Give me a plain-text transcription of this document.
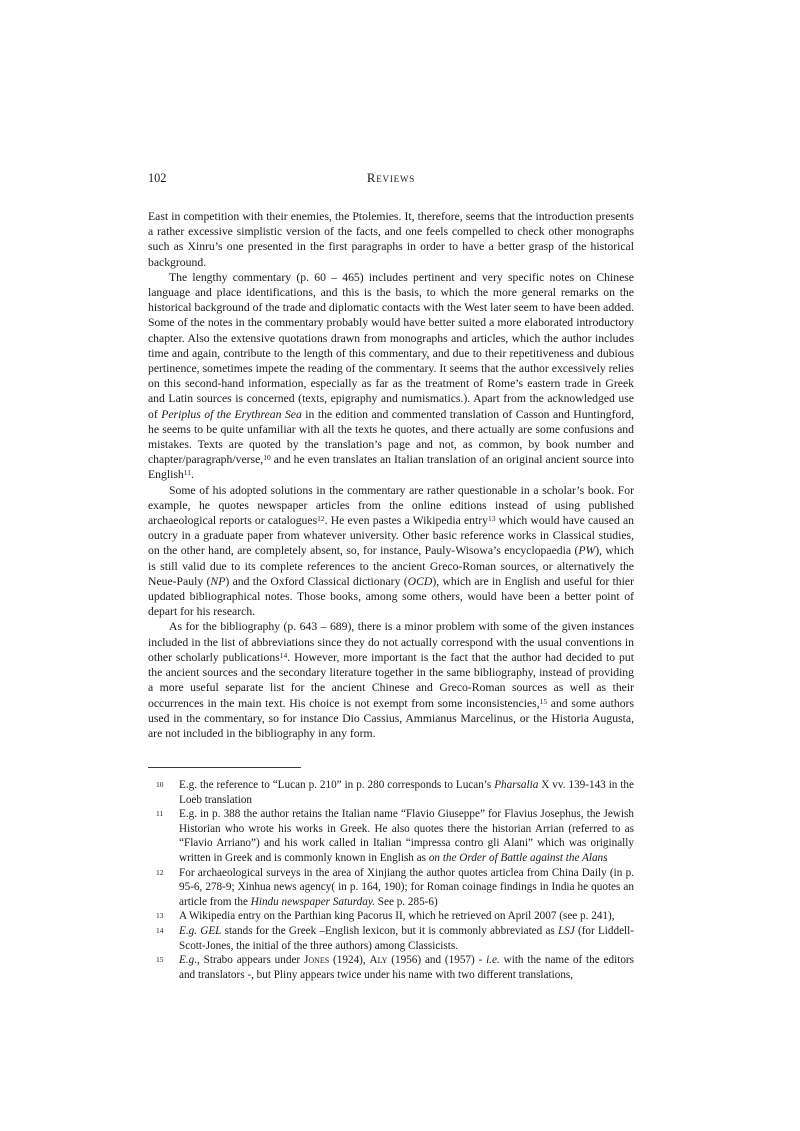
102	Reviews

East in competition with their enemies, the Ptolemies. It, therefore, seems that the introduction presents a rather excessive simplistic version of the facts, and one feels compelled to check other monographs such as Xinru’s one presented in the first paragraphs in order to have a better grasp of the historical background.

The lengthy commentary (p. 60 – 465) includes pertinent and very specific notes on Chinese language and place identifications, and this is the basis, to which the more general remarks on the historical background of the trade and diplomatic contacts with the West later seem to have been added. Some of the notes in the commentary probably would have better suited a more elaborated introductory chapter. Also the extensive quotations drawn from monographs and articles, which the author includes time and again, contribute to the length of this commentary, and due to their repetitiveness and dubious pertinence, sometimes impete the reading of the commentary. It seems that the author excessively relies on this second-hand information, especially as far as the treatment of Rome’s eastern trade in Greek and Latin sources is concerned (texts, epigraphy and numismatics.). Apart from the acknowledged use of Periplus of the Erythrean Sea in the edition and commented translation of Casson and Huntingford, he seems to be quite unfamiliar with all the texts he quotes, and there actually are some confusions and mistakes. Texts are quoted by the translation’s page and not, as common, by book number and chapter/paragraph/verse,$^{10}$ and he even translates an Italian translation of an original ancient source into English$^{11}$.

Some of his adopted solutions in the commentary are rather questionable in a scholar’s book. For example, he quotes newspaper articles from the online editions instead of using published archaeological reports or catalogues$^{12}$. He even pastes a Wikipedia entry$^{13}$ which would have caused an outcry in a graduate paper from whatever university. Other basic reference works in Classical studies, on the other hand, are completely absent, so, for instance, Pauly-Wisowa’s encyclopaedia (PW), which is still valid due to its complete references to the ancient Greco-Roman sources, or alternatively the Neue-Pauly (NP) and the Oxford Classical dictionary (OCD), which are in English and useful for thier updated bibliographical notes. Those books, among some others, would have been a better point of depart for his research.

As for the bibliography (p. 643 – 689), there is a minor problem with some of the given instances included in the list of abbreviations since they do not actually correspond with the usual conventions in other scholarly publications$^{14}$. However, more important is the fact that the author had decided to put the ancient sources and the secondary literature together in the same bibliography, instead of providing a more useful separate list for the ancient Chinese and Greco-Roman sources as well as their occurrences in the main text. His choice is not exempt from some inconsistencies,$^{15}$ and some authors used in the commentary, so for instance Dio Cassius, Ammianus Marcelinus, or the Historia Augusta, are not included in the bibliography in any form.

10 E.g. the reference to “Lucan p. 210” in p. 280 corresponds to Lucan’s Pharsalia X vv. 139-143 in the Loeb translation
11 E.g. in p. 388 the author retains the Italian name “Flavio Giuseppe” for Flavius Josephus, the Jewish Historian who wrote his works in Greek. He also quotes there the historian Arrian (referred to as “Flavio Arriano”) and his work called in Italian “impressa contro gli Alani” which was originally written in Greek and is commonly known in English as on the Order of Battle against the Alans
12 For archaeological surveys in the area of Xinjiang the author quotes articlea from China Daily (in p. 95-6, 278-9; Xinhua news agency( in p. 164, 190); for Roman coinage findings in India he quotes an article from the Hindu newspaper Saturday. See p. 285-6)
13 A Wikipedia entry on the Parthian king Pacorus II, which he retrieved on April 2007 (see p. 241),
14 E.g. GEL stands for the Greek –English lexicon, but it is commonly abbreviated as LSJ (for Liddell- Scott-Jones, the initial of the three authors) among Classicists.
15 E.g., Strabo appears under Jones (1924), Aly (1956) and (1957) - i.e. with the name of the editors and translators -, but Pliny appears twice under his name with two different translations,
